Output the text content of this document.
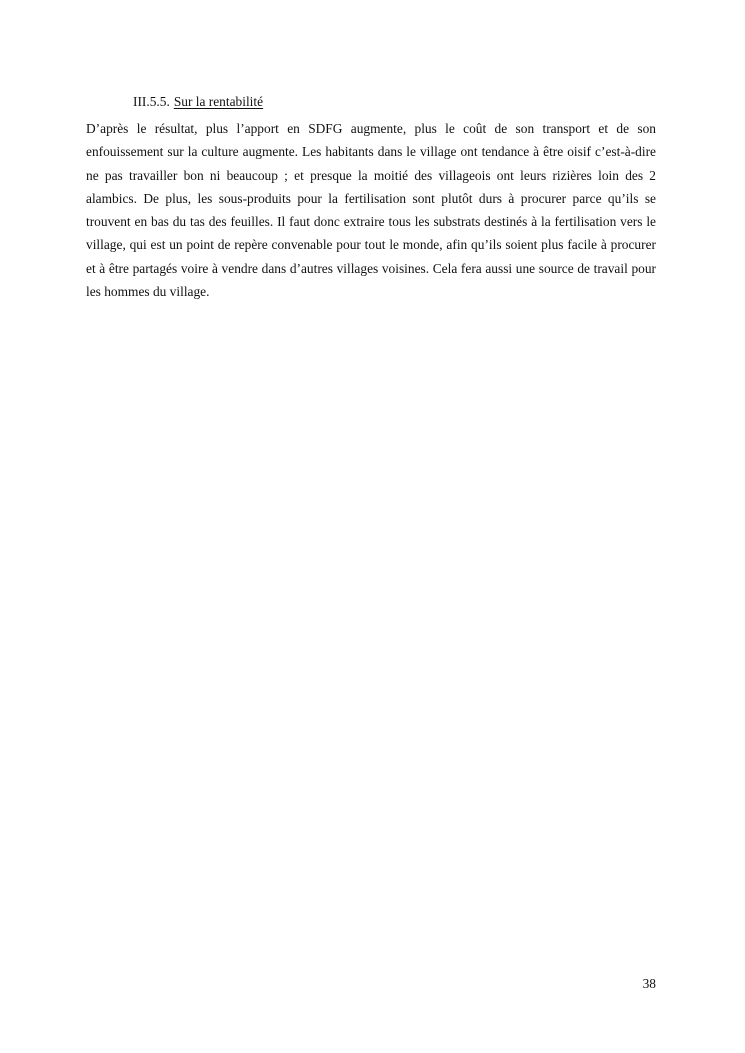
III.5.5. Sur la rentabilité

D’après le résultat, plus l’apport en SDFG augmente, plus le coût de son transport et de son enfouissement sur la culture augmente. Les habitants dans le village ont tendance à être oisif c’est-à-dire ne pas travailler bon ni beaucoup ; et presque la moitié des villageois ont leurs rizières loin des 2 alambics. De plus, les sous-produits pour la fertilisation sont plutôt durs à procurer parce qu’ils se trouvent en bas du tas des feuilles. Il faut donc extraire tous les substrats destinés à la fertilisation vers le village, qui est un point de repère convenable pour tout le monde, afin qu’ils soient plus facile à procurer et à être partagés voire à vendre dans d’autres villages voisines. Cela fera aussi une source de travail pour les hommes du village.

38
